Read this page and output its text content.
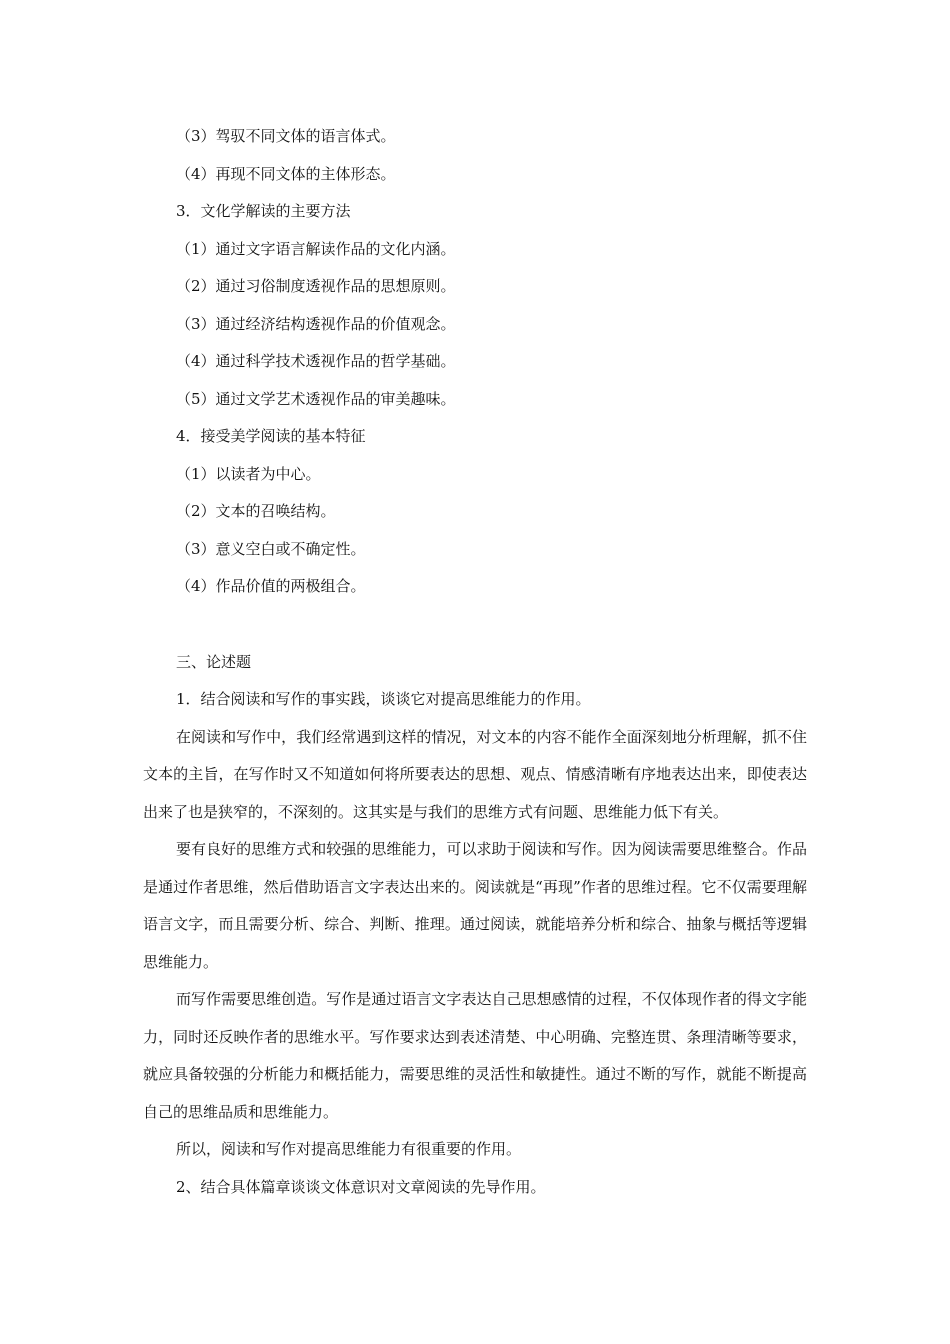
（3）驾驭不同文体的语言体式。

（4）再现不同文体的主体形态。

3．文化学解读的主要方法

（1）通过文字语言解读作品的文化内涵。

（2）通过习俗制度透视作品的思想原则。

（3）通过经济结构透视作品的价值观念。

（4）通过科学技术透视作品的哲学基础。

（5）通过文学艺术透视作品的审美趣味。

4．接受美学阅读的基本特征

（1）以读者为中心。

（2）文本的召唤结构。

（3）意义空白或不确定性。

（4）作品价值的两极组合。

三、论述题

1．结合阅读和写作的事实践，谈谈它对提高思维能力的作用。

在阅读和写作中，我们经常遇到这样的情况，对文本的内容不能作全面深刻地分析理解，抓不住文本的主旨，在写作时又不知道如何将所要表达的思想、观点、情感清晰有序地表达出来，即使表达出来了也是狭窄的，不深刻的。这其实是与我们的思维方式有问题、思维能力低下有关。

要有良好的思维方式和较强的思维能力，可以求助于阅读和写作。因为阅读需要思维整合。作品是通过作者思维，然后借助语言文字表达出来的。阅读就是“再现”作者的思维过程。它不仅需要理解语言文字，而且需要分析、综合、判断、推理。通过阅读，就能培养分析和综合、抽象与概括等逻辑思维能力。

而写作需要思维创造。写作是通过语言文字表达自己思想感情的过程，不仅体现作者的得文字能力，同时还反映作者的思维水平。写作要求达到表述清楚、中心明确、完整连贯、条理清晰等要求，就应具备较强的分析能力和概括能力，需要思维的灵活性和敏捷性。通过不断的写作，就能不断提高自己的思维品质和思维能力。

所以，阅读和写作对提高思维能力有很重要的作用。

2、结合具体篇章谈谈文体意识对文章阅读的先导作用。
